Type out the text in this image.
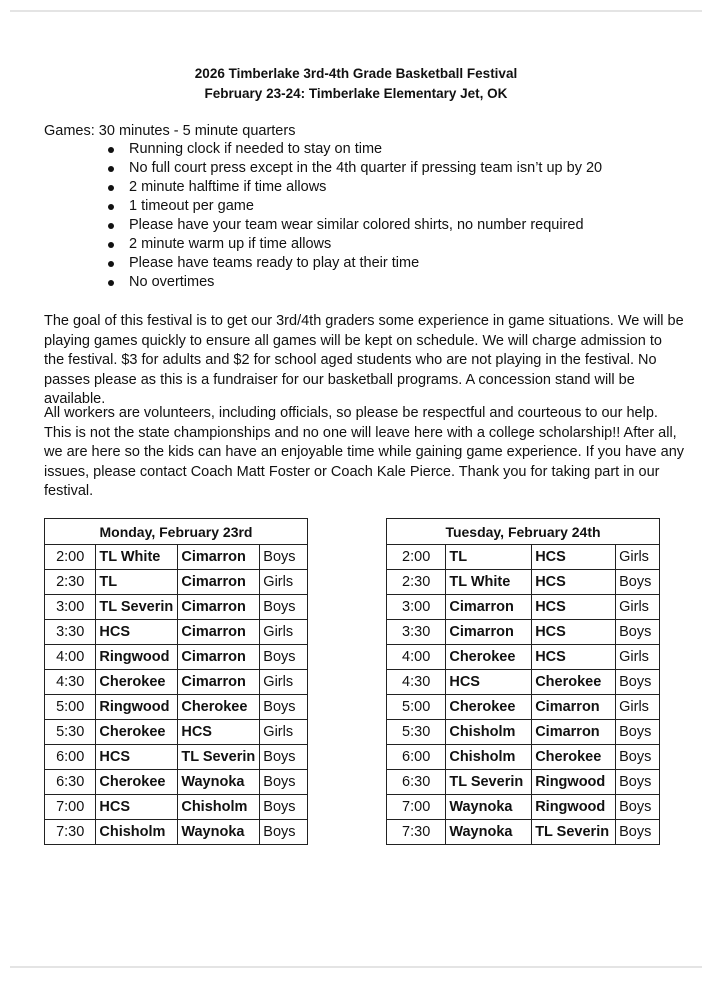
2026 Timberlake 3rd-4th Grade Basketball Festival
February 23-24: Timberlake Elementary Jet, OK
Games: 30 minutes - 5 minute quarters
Running clock if needed to stay on time
No full court press except in the 4th quarter if pressing team isn’t up by 20
2 minute halftime if time allows
1 timeout per game
Please have your team wear similar colored shirts, no number required
2 minute warm up if time allows
Please have teams ready to play at their time
No overtimes

The goal of this festival is to get our 3rd/4th graders some experience in game situations. We will be playing games quickly to ensure all games will be kept on schedule. We will charge admission to the festival. $3 for adults and $2 for school aged students who are not playing in the festival. No passes please as this is a fundraiser for our basketball programs. A concession stand will be available.

All workers are volunteers, including officials, so please be respectful and courteous to our help. This is not the state championships and no one will leave here with a college scholarship!! After all, we are here so the kids can have an enjoyable time while gaining game experience. If you have any issues, please contact Coach Matt Foster or Coach Kale Pierce. Thank you for taking part in our festival.

Monday, February 23rd			
2:00	TL White	Cimarron	Boys
2:30	TL	Cimarron	Girls
3:00	TL Severin	Cimarron	Boys
3:30	HCS	Cimarron	Girls
4:00	Ringwood	Cimarron	Boys
4:30	Cherokee	Cimarron	Girls
5:00	Ringwood	Cherokee	Boys
5:30	Cherokee	HCS	Girls
6:00	HCS	TL Severin	Boys
6:30	Cherokee	Waynoka	Boys
7:00	HCS	Chisholm	Boys
7:30	Chisholm	Waynoka	Boys
Tuesday, February 24th			
2:00	TL	HCS	Girls
2:30	TL White	HCS	Boys
3:00	Cimarron	HCS	Girls
3:30	Cimarron	HCS	Boys
4:00	Cherokee	HCS	Girls
4:30	HCS	Cherokee	Boys
5:00	Cherokee	Cimarron	Girls
5:30	Chisholm	Cimarron	Boys
6:00	Chisholm	Cherokee	Boys
6:30	TL Severin	Ringwood	Boys
7:00	Waynoka	Ringwood	Boys
7:30	Waynoka	TL Severin	Boys
